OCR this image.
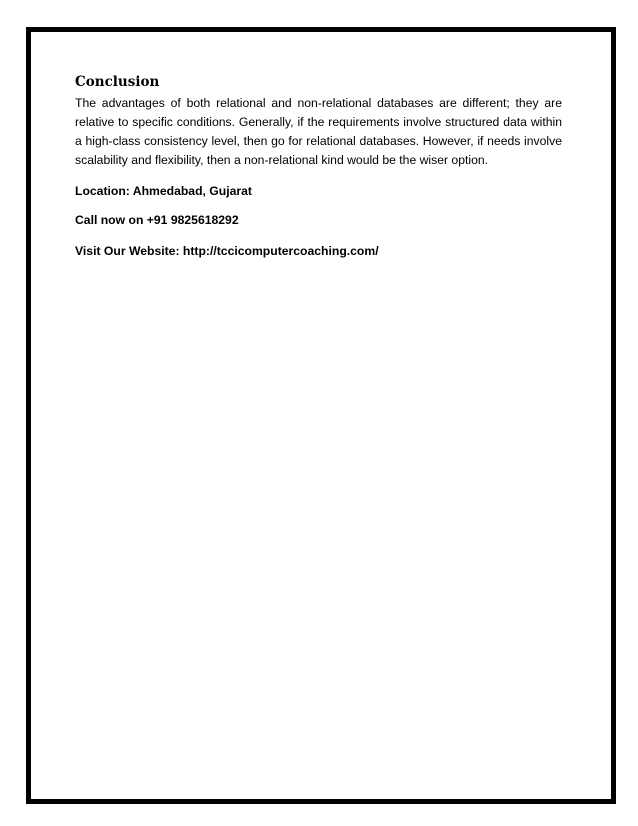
Conclusion

The advantages of both relational and non-relational databases are different; they are relative to specific conditions. Generally, if the requirements involve structured data within a high-class consistency level, then go for relational databases. However, if needs involve scalability and flexibility, then a non-relational kind would be the wiser option.

Location: Ahmedabad, Gujarat

Call now on +91 9825618292

Visit Our Website: http://tccicomputercoaching.com/
